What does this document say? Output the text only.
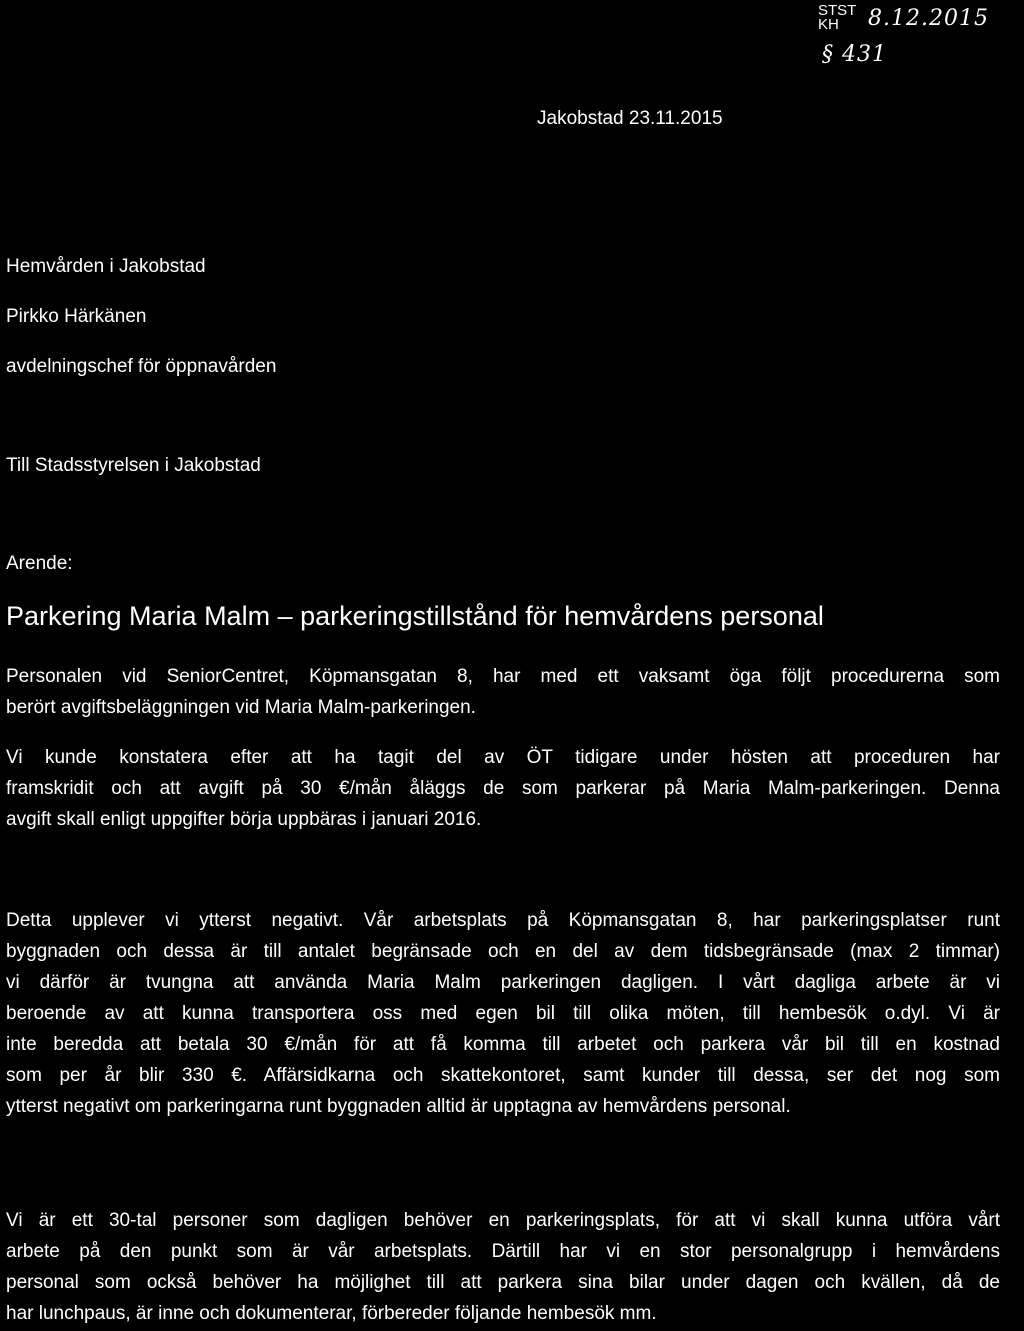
STST
KH 8.12.2015
§ 431
Jakobstad 23.11.2015
Hemvården i Jakobstad
Pirkko Härkänen
avdelningschef för öppnavården
Till Stadsstyrelsen i Jakobstad
Arende:
Parkering Maria Malm – parkeringstillstånd för hemvårdens personal
Personalen vid SeniorCentret, Köpmansgatan 8, har med ett vaksamt öga följt procedurerna som
berört avgiftsbeläggningen vid Maria Malm-parkeringen.
Vi kunde konstatera efter att ha tagit del av ÖT tidigare under hösten att proceduren har
framskridit och att avgift på 30 €/mån åläggs de som parkerar på Maria Malm-parkeringen. Denna
avgift skall enligt uppgifter börja uppbäras i januari 2016.
Detta upplever vi ytterst negativt. Vår arbetsplats på Köpmansgatan 8, har parkeringsplatser runt
byggnaden och dessa är till antalet begränsade och en del av dem tidsbegränsade (max 2 timmar)
vi därför är tvungna att använda Maria Malm parkeringen dagligen. I vårt dagliga arbete är vi
beroende av att kunna transportera oss med egen bil till olika möten, till hembesök o.dyl. Vi är
inte beredda att betala 30 €/mån för att få komma till arbetet och parkera vår bil till en kostnad
som per år blir 330 €. Affärsidkarna och skattekontoret, samt kunder till dessa, ser det nog som
ytterst negativt om parkeringarna runt byggnaden alltid är upptagna av hemvårdens personal.
Vi är ett 30-tal personer som dagligen behöver en parkeringsplats, för att vi skall kunna utföra vårt
arbete på den punkt som är vår arbetsplats. Därtill har vi en stor personalgrupp i hemvårdens
personal som också behöver ha möjlighet till att parkera sina bilar under dagen och kvällen, då de
har lunchpaus, är inne och dokumenterar, förbereder följande hembesök mm.
